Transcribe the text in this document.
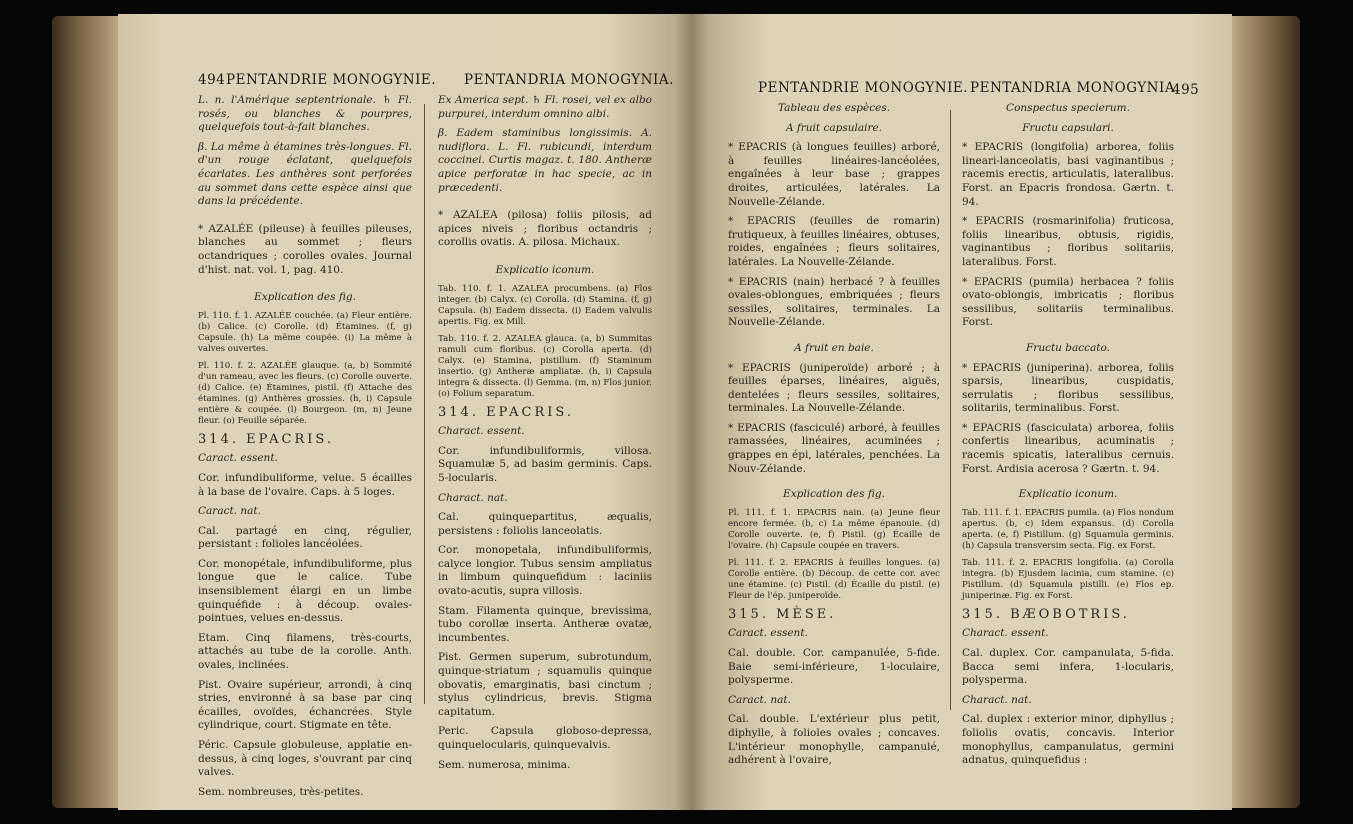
494 PENTANDRIE MONOGYNIE. PENTANDRIA MONOGYNIA.

L. n. l'Amérique septentrionale. ♄ Fl. rosés, ou blanches & pourpres, quelquefois tout-à-fait blanches.

β. La même à étamines très-longues. Fl. d'un rouge éclatant, quelquefois écarlates. Les anthères sont perforées au sommet dans cette espèce ainsi que dans la précédente.

* AZALÉE (pileuse) à feuilles pileuses, blanches au sommet ; fleurs octandriques ; corolles ovales. Journal d'hist. nat. vol. 1, pag. 410.

Explication des fig.

Pl. 110. f. 1. AZALÉE couchée. (a) Fleur entière. (b) Calice. (c) Corolle. (d) Étamines. (f, g) Capsule. (h) La même coupée. (i) La même à valves ouvertes.

Pl. 110. f. 2. AZALÉE glauque. (a, b) Sommité d'un rameau, avec les fleurs. (c) Corolle ouverte. (d) Calice. (e) Étamines, pistil. (f) Attache des étamines. (g) Anthères grossies. (h, i) Capsule entière & coupée. (l) Bourgeon. (m, n) Jeune fleur. (o) Feuille séparée.

314. EPACRIS.

Caract. essent.

Cor. infundibuliforme, velue. 5 écailles à la base de l'ovaire. Caps. à 5 loges.

Caract. nat.

Cal. partagé en cinq, régulier, persistant : folioles lancéolées.

Cor. monopétale, infundibuliforme, plus longue que le calice. Tube insensiblement élargi en un limbe quinquéfide : à découp. ovales-pointues, velues en-dessus.

Etam. Cinq filamens, très-courts, attachés au tube de la corolle. Anth. ovales, inclinées.

Pist. Ovaire supérieur, arrondi, à cinq stries, environné à sa base par cinq écailles, ovoïdes, échancrées. Style cylindrique, court. Stigmate en tête.

Péric. Capsule globuleuse, applatie en-dessus, à cinq loges, s'ouvrant par cinq valves.

Sem. nombreuses, très-petites.

Ex America sept. ♄ Fl. rosei, vel ex albo purpurei, interdum omnino albi.

β. Eadem staminibus longissimis. A. nudiflora. L. Fl. rubicundi, interdum coccinei. Curtis magaz. t. 180. Antheræ apice perforatæ in hac specie, ac in præcedenti.

* AZALEA (pilosa) foliis pilosis, ad apices niveis ; floribus octandris ; corollis ovatis. A. pilosa. Michaux.

Explicatio iconum.

Tab. 110. f. 1. AZALEA procumbens. (a) Flos integer. (b) Calyx. (c) Corolla. (d) Stamina. (f, g) Capsula. (h) Eadem dissecta. (i) Eadem valvulis apertis. Fig. ex Mill.

Tab. 110. f. 2. AZALEA glauca. (a, b) Summitas ramuli cum floribus. (c) Corolla aperta. (d) Calyx. (e) Stamina, pistillum. (f) Staminum insertio. (g) Antheræ ampliatæ. (h, i) Capsula integra & dissecta. (l) Gemma. (m, n) Flos junior. (o) Folium separatum.

314. EPACRIS.

Charact. essent.

Cor. infundibuliformis, villosa. Squamulæ 5, ad basim germinis. Caps. 5-locularis.

Charact. nat.

Cal. quinquepartitus, æqualis, persistens : foliolis lanceolatis.

Cor. monopetala, infundibuliformis, calyce longior. Tubus sensim ampliatus in limbum quinquefidum : laciniis ovato-acutis, supra villosis.

Stam. Filamenta quinque, brevissima, tubo corollæ inserta. Antheræ ovatæ, incumbentes.

Pist. Germen superum, subrotundum, quinque-striatum ; squamulis quinque obovatis, emarginatis, basi cinctum ; stylus cylindricus, brevis. Stigma capitatum.

Peric. Capsula globoso-depressa, quinquelocularis, quinquevalvis.

Sem. numerosa, minima.

PENTANDRIE MONOGYNIE. PENTANDRIA MONOGYNIA.
495

Tableau des espèces.

A fruit capsulaire.

* EPACRIS (à longues feuilles) arboré, à feuilles linéaires-lancéolées, engaînées à leur base ; grappes droites, articulées, latérales. La Nouvelle-Zélande.

* EPACRIS (feuilles de romarin) frutiqueux, à feuilles linéaires, obtuses, roides, engaînées ; fleurs solitaires, latérales. La Nouvelle-Zélande.

* EPACRIS (nain) herbacé ? à feuilles ovales-oblongues, embriquées ; fleurs sessiles, solitaires, terminales. La Nouvelle-Zélande.

A fruit en baie.

* EPACRIS (juniperoïde) arboré ; à feuilles éparses, linéaires, aiguës, dentelées ; fleurs sessiles, solitaires, terminales. La Nouvelle-Zélande.

* EPACRIS (fasciculé) arboré, à feuilles ramassées, linéaires, acuminées ; grappes en épi, latérales, penchées. La Nouv-Zélande.

Explication des fig.

Pl. 111. f. 1. EPACRIS nain. (a) Jeune fleur encore fermée. (b, c) La même épanouie. (d) Corolle ouverte. (e, f) Pistil. (g) Écaille de l'ovaire. (h) Capsule coupée en travers.

Pl. 111. f. 2. EPACRIS à feuilles longues. (a) Corolle entière. (b) Découp. de cette cor. avec une étamine. (c) Pistil. (d) Écaille du pistil. (e) Fleur de l'ép. juniperoïde.

315. MÈSE.

Caract. essent.

Cal. double. Cor. campanulée, 5-fide. Baie semi-inférieure, 1-loculaire, polysperme.

Caract. nat.

Cal. double. L'extérieur plus petit, diphylle, à folioles ovales ; concaves. L'intérieur monophylle, campanulé, adhérent à l'ovaire,

Conspectus specierum.

Fructu capsulari.

* EPACRIS (longifolia) arborea, foliis lineari-lanceolatis, basi vaginantibus ; racemis erectis, articulatis, lateralibus. Forst. an Epacris frondosa. Gærtn. t. 94.

* EPACRIS (rosmarinifolia) fruticosa, foliis linearibus, obtusis, rigidis, vaginantibus ; floribus solitariis, lateralibus. Forst.

* EPACRIS (pumila) herbacea ? foliis ovato-oblongis, imbricatis ; floribus sessilibus, solitariis terminalibus. Forst.

Fructu baccato.

* EPACRIS (juniperina). arborea, foliis sparsis, linearibus, cuspidatis, serrulatis ; floribus sessilibus, solitariis, terminalibus. Forst.

* EPACRIS (fasciculata) arborea, foliis confertis linearibus, acuminatis ; racemis spicatis, lateralibus cernuis. Forst. Ardisia acerosa ? Gærtn. t. 94.

Explicatio iconum.

Tab. 111. f. 1. EPACRIS pumila. (a) Flos nondum apertus. (b, c) Idem expansus. (d) Corolla aperta. (e, f) Pistillum. (g) Squamula germinis. (h) Capsula transversim secta. Fig. ex Forst.

Tab. 111. f. 2. EPACRIS longifolia. (a) Corolla integra. (b) Ejusdem lacinia, cum stamine. (c) Pistillum. (d) Squamula pistilli. (e) Flos ep. juniperinæ. Fig. ex Forst.

315. BÆOBOTRIS.

Charact. essent.

Cal. duplex. Cor. campanulata, 5-fida. Bacca semi infera, 1-locularis, polysperma.

Charact. nat.

Cal. duplex : exterior minor, diphyllus ; foliolis ovatis, concavis. Interior monophyllus, campanulatus, germini adnatus, quinquefidus :
